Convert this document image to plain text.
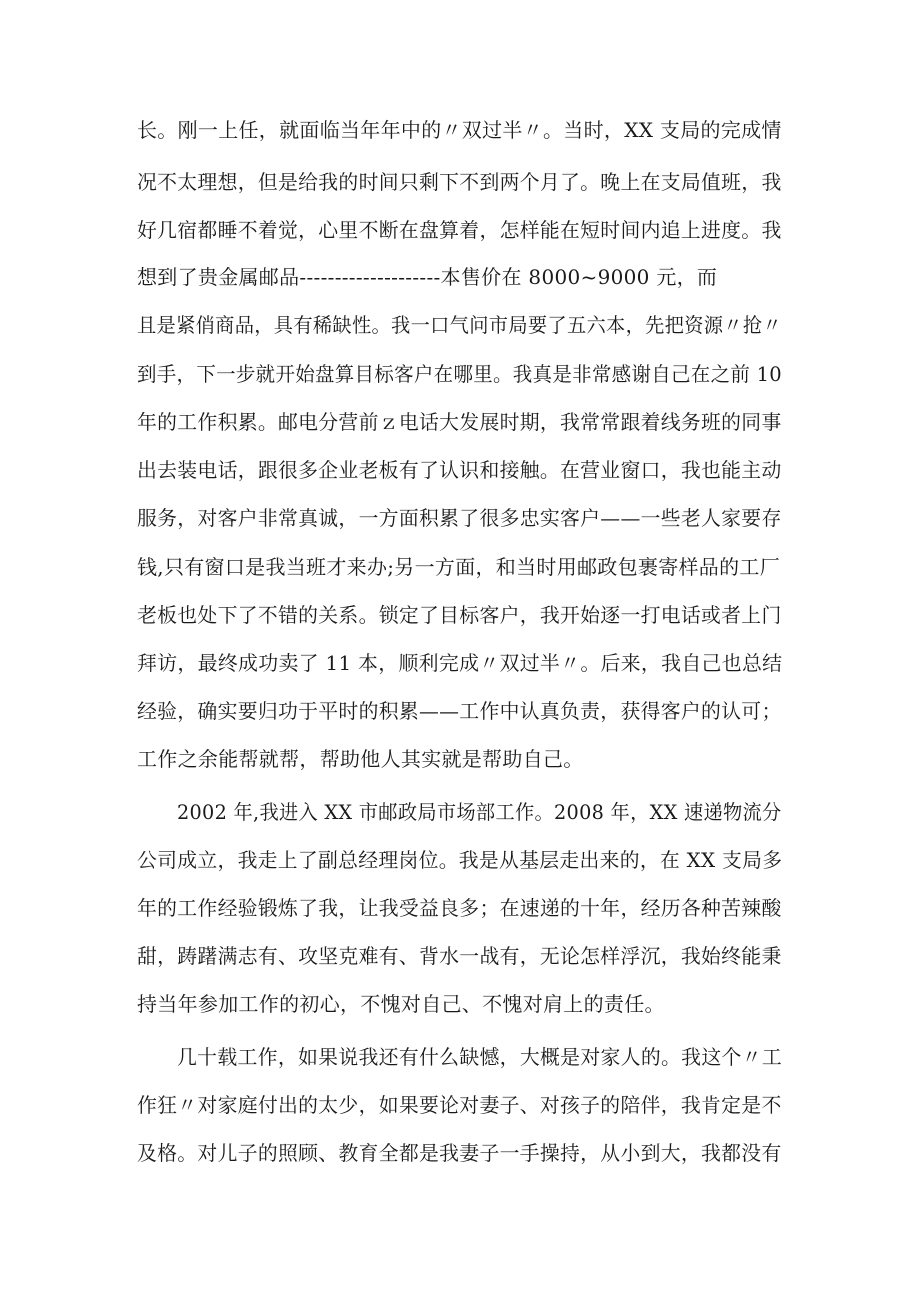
长。刚一上任，就面临当年年中的〃双过半〃。当时，XX 支局的完成情
况不太理想，但是给我的时间只剩下不到两个月了。晚上在支局值班，我
好几宿都睡不着觉，心里不断在盘算着，怎样能在短时间内追上进度。我
想到了贵金属邮品--------------------本售价在 8000~9000 元，而
且是紧俏商品，具有稀缺性。我一口气问市局要了五六本，先把资源〃抢〃
到手，下一步就开始盘算目标客户在哪里。我真是非常感谢自己在之前 10
年的工作积累。邮电分营前ｚ电话大发展时期，我常常跟着线务班的同事
出去装电话，跟很多企业老板有了认识和接触。在营业窗口，我也能主动
服务，对客户非常真诚，一方面积累了很多忠实客户——一些老人家要存
钱,只有窗口是我当班才来办;另一方面，和当时用邮政包裹寄样品的工厂
老板也处下了不错的关系。锁定了目标客户，我开始逐一打电话或者上门
拜访，最终成功卖了 11 本，顺利完成〃双过半〃。后来，我自己也总结
经验，确实要归功于平时的积累——工作中认真负责，获得客户的认可；
工作之余能帮就帮，帮助他人其实就是帮助自己。
2002 年,我进入 XX 市邮政局市场部工作。2008 年，XX 速递物流分
公司成立，我走上了副总经理岗位。我是从基层走出来的，在 XX 支局多
年的工作经验锻炼了我，让我受益良多；在速递的十年，经历各种苦辣酸
甜，踌躇满志有、攻坚克难有、背水一战有，无论怎样浮沉，我始终能秉
持当年参加工作的初心，不愧对自己、不愧对肩上的责任。
几十载工作，如果说我还有什么缺憾，大概是对家人的。我这个〃工
作狂〃对家庭付出的太少，如果要论对妻子、对孩子的陪伴，我肯定是不
及格。对儿子的照顾、教育全都是我妻子一手操持，从小到大，我都没有
